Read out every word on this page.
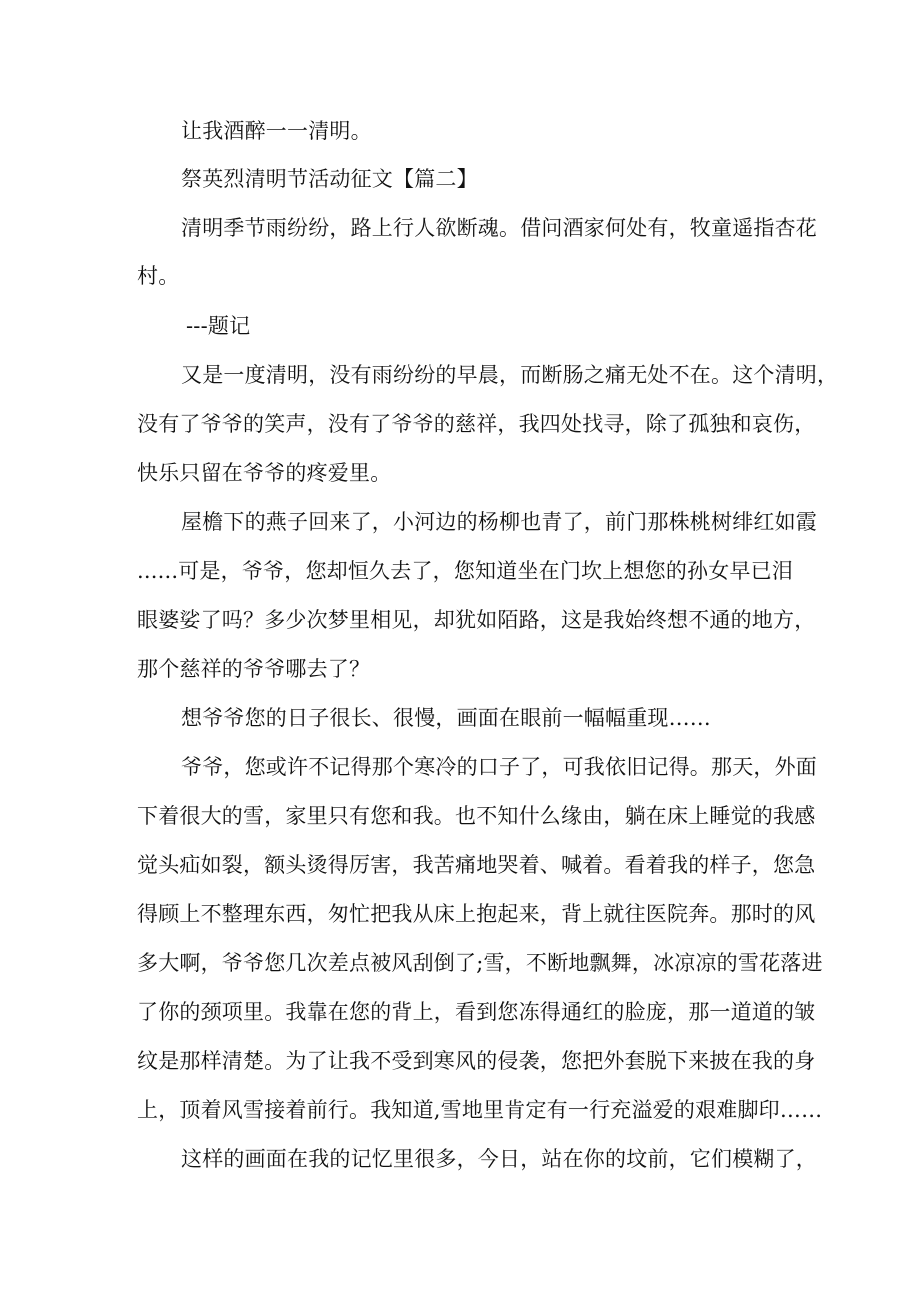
让我酒醉一一清明。
祭英烈清明节活动征文【篇二】
清明季节雨纷纷，路上行人欲断魂。借问酒家何处有，牧童遥指杏花
村。
---题记
又是一度清明，没有雨纷纷的早晨，而断肠之痛无处不在。这个清明，
没有了爷爷的笑声，没有了爷爷的慈祥，我四处找寻，除了孤独和哀伤，
快乐只留在爷爷的疼爱里。
屋檐下的燕子回来了，小河边的杨柳也青了，前门那株桃树绯红如霞
......可是，爷爷，您却恒久去了，您知道坐在门坎上想您的孙女早已泪
眼婆娑了吗？多少次梦里相见，却犹如陌路，这是我始终想不通的地方，
那个慈祥的爷爷哪去了？
想爷爷您的日子很长、很慢，画面在眼前一幅幅重现……
爷爷，您或许不记得那个寒冷的口子了，可我依旧记得。那天，外面
下着很大的雪，家里只有您和我。也不知什么缘由，躺在床上睡觉的我感
觉头疝如裂，额头烫得厉害，我苦痛地哭着、喊着。看着我的样子，您急
得顾上不整理东西，匆忙把我从床上抱起来，背上就往医院奔。那时的风
多大啊，爷爷您几次差点被风刮倒了;雪，不断地飘舞，冰凉凉的雪花落进
了你的颈项里。我靠在您的背上，看到您冻得通红的脸庞，那一道道的皱
纹是那样清楚。为了让我不受到寒风的侵袭，您把外套脱下来披在我的身
上，顶着风雪接着前行。我知道,雪地里肯定有一行充溢爱的艰难脚印……
这样的画面在我的记忆里很多，今日，站在你的坟前，它们模糊了，
